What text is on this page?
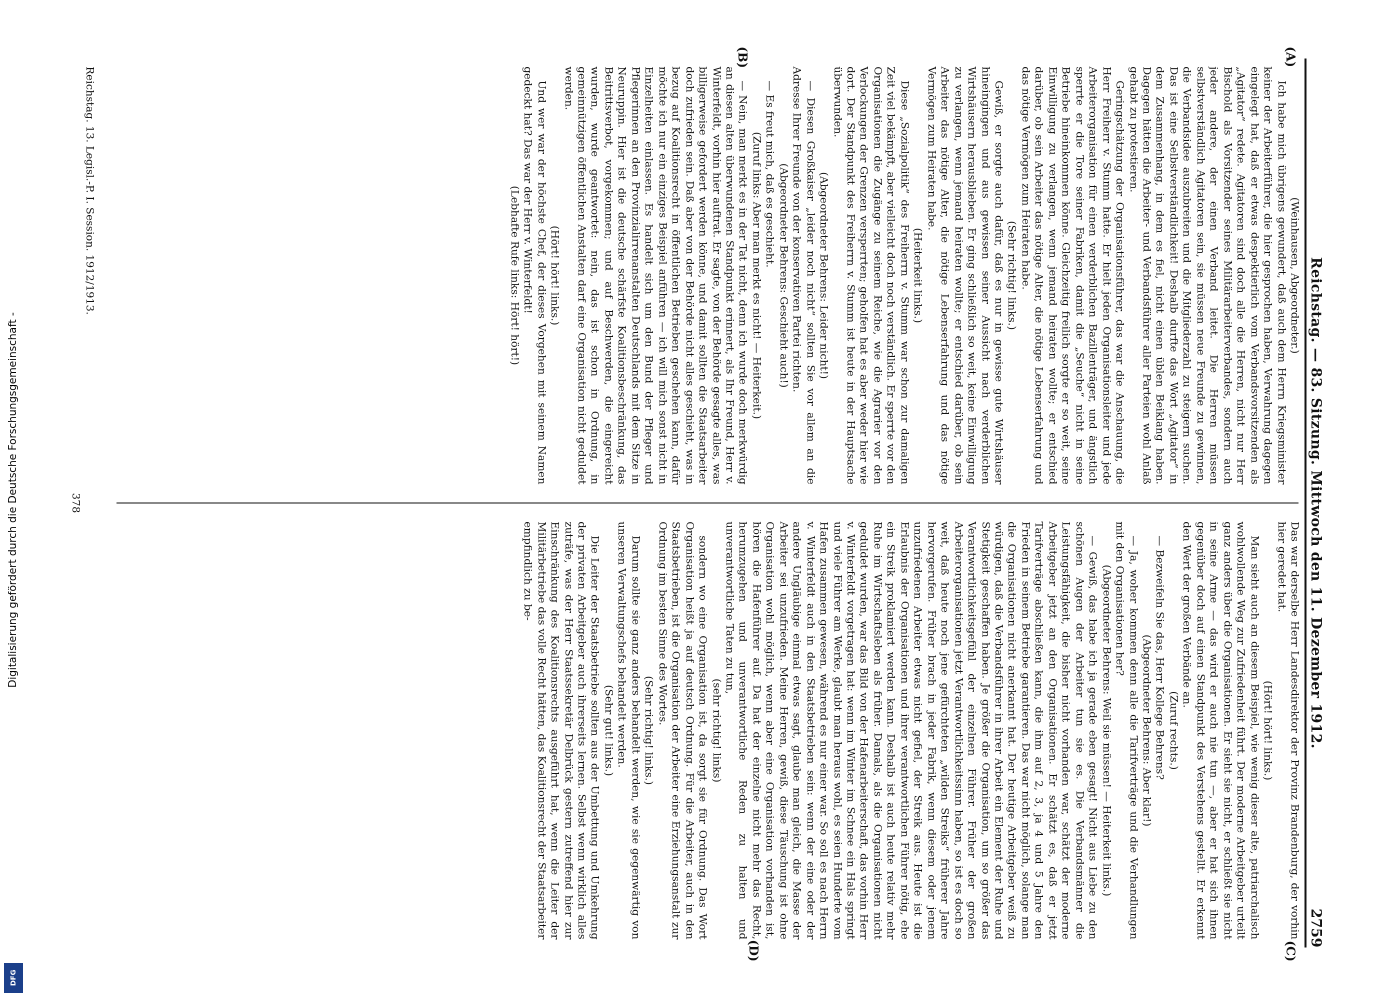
Digitalisierung gefördert durch die Deutsche Forschungsgemeinschaft -
DFG
Reichstag. — 83. Sitzung. Mittwoch den 11. Dezember 1912.
2759
(A)
(B)
(C)
(D)

(Weinhausen, Abgeordneter.)

Ich habe mich übrigens gewundert, daß auch dem Herrn Kriegsminister keiner der Arbeiterführer, die hier gesprochen haben, Verwahrung dagegen eingelegt hat, daß er etwas despektierlich vom Verbandsvorsitzenden als „Agitator“ redete. Agitatoren sind doch alle die Herren, nicht nur Herr Bischold als Vorsitzender seines Militärarbeiterverbandes, sondern auch jeder andere, der einen Verband leitet. Die Herren müssen selbstverständlich Agitatoren sein, sie müssen neue Freunde zu gewinnen, die Verbandsidee auszubreiten und die Mitgliederzahl zu steigern suchen. Das ist eine Selbstverständlichkeit! Deshalb durfte das Wort „Agitator“ in dem Zusammenhang, in dem es fiel, nicht einen üblen Beiklang haben. Dagegen hätten die Arbeiter- und Verbandsführer aller Parteien wohl Anlaß gehabt zu protestieren.

Geringschätzung der Organisationsführer, das war die Anschauung, die Herr Freiherr v. Stumm hatte. Er hielt jeden Organisationsleiter und jede Arbeiterorganisation für einen verderblichen Bazillenträger, und ängstlich sperrte er die Tore seiner Fabriken, damit die „Seuche“ nicht in seine Betriebe hineinkommen könne. Gleichzeitig freilich sorgte er so weit, seine Einwilligung zu verlangen, wenn jemand heiraten wollte; er entschied darüber, ob sein Arbeiter das nötige Alter, die nötige Lebenserfahrung und das nötige Vermögen zum Heiraten habe.

(Sehr richtig! links.)

Gewiß, er sorgte auch dafür, daß es nur in gewisse gute Wirtshäuser hineingingen und aus gewissen seiner Aussicht nach verderblichen Wirtshäusern herausblieben. Er ging schließlich so weit, keine Einwilligung zu verlangen, wenn jemand heiraten wollte; er entschied darüber, ob sein Arbeiter das nötige Alter, die nötige Lebenserfahrung und das nötige Vermögen zum Heiraten habe.

(Heiterkeit links.)

Diese „Sozialpolitik“ des Freiherrn v. Stumm war schon zur damaligen Zeit viel bekämpft, aber vielleicht doch noch verständlich. Er sperrte vor den Organisationen die Zugänge zu seinem Reiche, wie die Agrarier vor den Verlockungen der Grenzen versperrten; geholfen hat es aber weder hier wie dort. Der Standpunkt des Freiherrn v. Stumm ist heute in der Hauptsache überwunden.

(Abgeordneter Behrens: Leider nicht!)

— Diesen Großkaiser „leider noch nicht“ sollten Sie vor allem an die Adresse Ihrer Freunde von der konservativen Partei richten.

(Abgeordneter Behrens: Geschieht auch!)

— Es freut mich, daß es geschieht.

(Zuruf links: Aber man merkt es nicht! — Heiterkeit.)

— Nein, man merkt es in der Tat nicht, denn ich wurde doch merkwürdig an diesen alten überwundenen Standpunkt erinnert, als Ihr Freund, Herr v. Winterfeldt, vorhin hier auftrat. Er sagte, von der Behörde gesagte alles, was billigerweise gefordert werden könne, und damit sollten die Staatsarbeiter doch zufrieden sein. Daß aber von der Behörde nicht alles geschieht, was in bezug auf Koalitionsrecht in öffentlichen Betrieben geschehen kann, dafür möchte ich nur ein einziges Beispiel anführen — ich will mich sonst nicht in Einzelheiten einlassen. Es handelt sich um den Bund der Pfleger und Pflegerinnen an den Provinzialirrenanstalten Deutschlands mit dem Sitze in Neuruppin. Hier ist die deutsche schärfste Koalitionsbeschränkung, das Beitrittsverbot, vorgekommen; und auf Beschwerden, die eingereicht wurden, wurde geantwortet: nein, das ist schon in Ordnung, in gemeinnützigen öffentlichen Anstalten darf eine Organisation nicht geduldet werden.

(Hört! hört! links.)

Und wer war der höchste Chef, der dieses Vorgehen mit seinem Namen gedeckt hat? Das war der Herr v. Winterfeldt!

(Lebhafte Rufe links: Hört! hört!)

Das war derselbe Herr Landesdirektor der Provinz Brandenburg, der vorhin hier geredet hat.

(Hört! hört! links.)

Man sieht auch an diesem Beispiel, wie wenig dieser alte, patriarchalisch wohlwollende Weg zur Zufriedenheit führt. Der moderne Arbeitgeber urteilt ganz anders über die Organisationen. Er sieht sie nicht, er schließt sie nicht in seine Arme — das wird er auch nie tun —, aber er hat sich ihnen gegenüber doch auf einen Standpunkt des Verstehens gestellt. Er erkennt den Wert der großen Verbände an.

(Zuruf rechts.)

— Bezweifeln Sie das, Herr Kollege Behrens?

(Abgeordneter Behrens: Aber klar!)

— Ja, woher kommen denn alle die Tarifverträge und die Verhandlungen mit den Organisationen her?

(Abgeordneter Behrens: Weil sie müssen! — Heiterkeit links.)

— Gewiß, das habe ich ja gerade eben gesagt! Nicht aus Liebe zu den schönen Augen der Arbeiter tun sie es. Die Verbandsmänner die Leistungsfähigkeit, die bisher nicht vorhanden war, schätzt der moderne Arbeitgeber jetzt an den Organisationen. Er schätzt es, daß er jetzt Tarifverträge abschließen kann, die ihm auf 2, 3, ja 4 und 5 Jahre den Frieden in seinem Betriebe garantieren. Das war nicht möglich, solange man die Organisationen nicht anerkannt hat. Der heutige Arbeitgeber weiß zu würdigen, daß die Verbandsführer in ihrer Arbeit ein Element der Ruhe und Stetigkeit geschaffen haben. Je größer die Organisation, um so größer das Verantwortlichkeitsgefühl der einzelnen Führer. Früher der großen Arbeiterorganisationen jetzt Verantwortlichkeitssinn haben, so ist es doch so weit, daß heute noch jene gefürchteten „wilden Streiks“ früherer Jahre hervorgerufen. Früher brach in jeder Fabrik, wenn diesem oder jenem unzufriedenen Arbeiter etwas nicht gefiel, der Streik aus. Heute ist die Erlaubnis der Organisationen und ihrer verantwortlichen Führer nötig, ehe ein Streik proklamiert werden kann. Deshalb ist auch heute relativ mehr Ruhe im Wirtschaftsleben als früher. Damals, als die Organisationen nicht geduldet wurden, war das Bild von der Hafenarbeiterschaft, das vorhin Herr v. Winterfeldt vorgetragen hat: wenn im Winter im Schnee ein Hals springt und viele Führer am Werke, glaubt man heraus wohl, es seien Hunderte vom Hafen zusammen gewesen, während es nur einer war. So soll es nach Herrn v. Winterfeldt auch in den Staatsbetrieben sein: wenn der eine oder der andere Ungläubige einmal etwas sagt, glaube man gleich, die Masse der Arbeiter sei unzufrieden. Meine Herren, gewiß, diese Täuschung ist ohne Organisation wohl möglich, wenn aber eine Organisation vorhanden ist, hören die Hafenführer auf. Da hat der einzelne nicht mehr das Recht, herumzugehen und unverantwortliche Reden zu halten und unverantwortliche Taten zu tun,

(sehr richtig! links)

sondern wo eine Organisation ist, da sorgt sie für Ordnung. Das Wort Organisation heißt ja auf deutsch Ordnung. Für die Arbeiter, auch in den Staatsbetrieben, ist die Organisation der Arbeiter eine Erziehungsanstalt zur Ordnung im besten Sinne des Wortes.

(Sehr richtig! links.)

Darum sollte sie ganz anders behandelt werden, wie sie gegenwärtig von unseren Verwaltungschefs behandelt werden.

(Sehr gut! links.)

Die Leiter der Staatsbetriebe sollten aus der Umbettung und Umkehrung der privaten Arbeitgeber auch ihrerseits lernen. Selbst wenn wirklich alles zuträfe, was der Herr Staatssekretär Delbrück gestern zutreffend hier zur Einschränkung des Koalitionsrechts ausgeführt hat, wenn die Leiter der Militärbetriebe das volle Recht hätten, das Koalitionsrecht der Staatsarbeiter empfindlich zu be-

Reichstag. 13. Legisl.-P. I. Session. 1912/1913.
378
